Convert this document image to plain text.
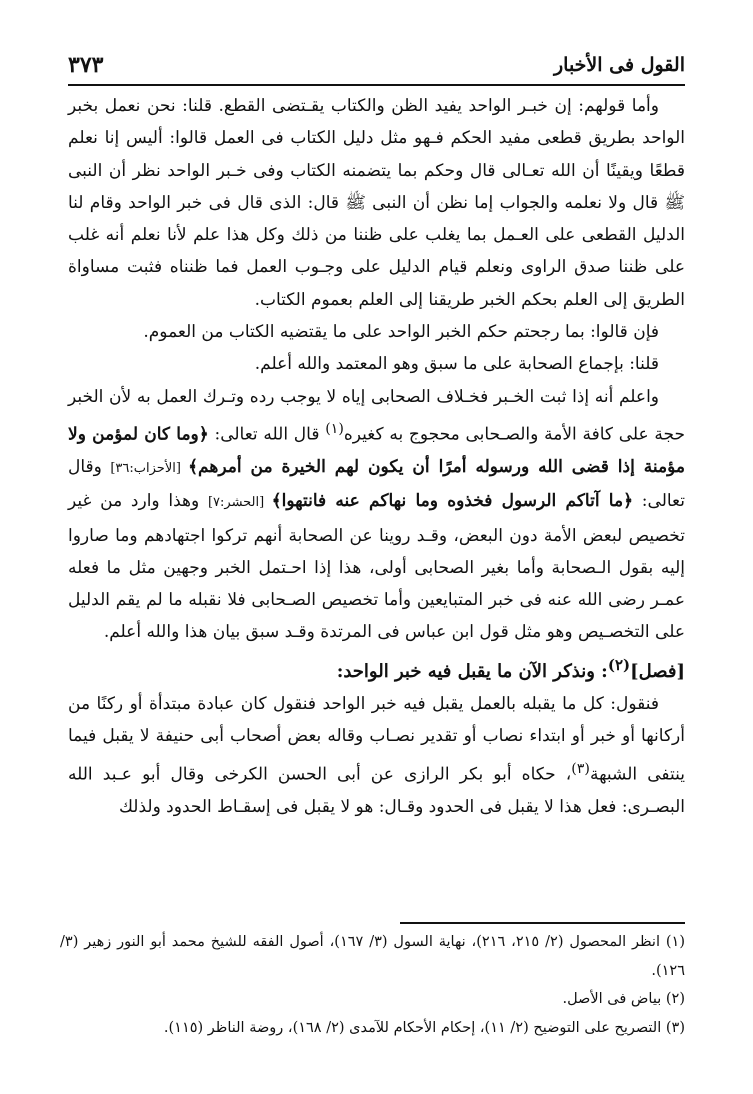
القول فى الأخبار
٣٧٣

وأما قولهم: إن خبـر الواحد يفيد الظن والكتاب يقـتضى القطع. قلنا: نحن نعمل بخبر الواحد بطريق قطعى مفيد الحكم فـهو مثل دليل الكتاب فى العمل قالوا: أليس إنا نعلم قطعًا ويقينًا أن الله تعـالى قال وحكم بما يتضمنه الكتاب وفى خـبر الواحد نظر أن النبى ﷺ قال ولا نعلمه والجواب إما نظن أن النبى ﷺ قال: الذى قال فى خبر الواحد وقام لنا الدليل القطعى على العـمل بما يغلب على ظننا من ذلك وكل هذا علم لأنا نعلم أنه غلب على ظننا صدق الراوى ونعلم قيام الدليل على وجـوب العمل فما ظنناه فثبت مساواة الطريق إلى العلم بحكم الخبر طريقنا إلى العلم بعموم الكتاب.

فإن قالوا: بما رجحتم حكم الخبر الواحد على ما يقتضيه الكتاب من العموم.

قلنا: بإجماع الصحابة على ما سبق وهو المعتمد والله أعلم.

واعلم أنه إذا ثبت الخـبر فخـلاف الصحابى إياه لا يوجب رده وتـرك العمل به لأن الخبر حجة على كافة الأمة والصـحابى محجوج به كغيره$^{(١)}$ قال الله تعالى: ﴿وما كان لمؤمن ولا مؤمنة إذا قضى الله ورسوله أمرًا أن يكون لهم الخيرة من أمرهم﴾ [الأحزاب:٣٦] وقال تعالى: ﴿ما آتاكم الرسول فخذوه وما نهاكم عنه فانتهوا﴾ [الحشر:٧] وهذا وارد من غير تخصيص لبعض الأمة دون البعض، وقـد روينا عن الصحابة أنهم تركوا اجتهادهم وما صاروا إليه بقول الـصحابة وأما بغير الصحابى أولى، هذا إذا احـتمل الخبر وجهين مثل ما فعله عمـر رضى الله عنه فى خبر المتبايعين وأما تخصيص الصـحابى فلا نقبله ما لم يقم الدليل على التخصـيص وهو مثل قول ابن عباس فى المرتدة وقـد سبق بيان هذا والله أعلم.

[فصل]$^{(٢)}$: ونذكر الآن ما يقبل فيه خبر الواحد:

فنقول: كل ما يقبله بالعمل يقبل فيه خبر الواحد فنقول كان عبادة مبتدأة أو ركنًا من أركانها أو خبر أو ابتداء نصاب أو تقدير نصـاب وقاله بعض أصحاب أبى حنيفة لا يقبل فيما ينتفى الشبهة$^{(٣)}$، حكاه أبو بكر الرازى عن أبى الحسن الكرخى وقال أبو عـبد الله البصـرى: فعل هذا لا يقبل فى الحدود وقـال: هو لا يقبل فى إسقـاط الحدود ولذلك

(١) انظر المحصول (٢/ ٢١٥، ٢١٦)، نهاية السول (٣/ ١٦٧)، أصول الفقه للشيخ محمد أبو النور زهير (٣/ ١٢٦).

(٢) بياض فى الأصل.

(٣) التصريح على التوضيح (٢/ ١١)، إحكام الأحكام للآمدى (٢/ ١٦٨)، روضة الناظر (١١٥).
